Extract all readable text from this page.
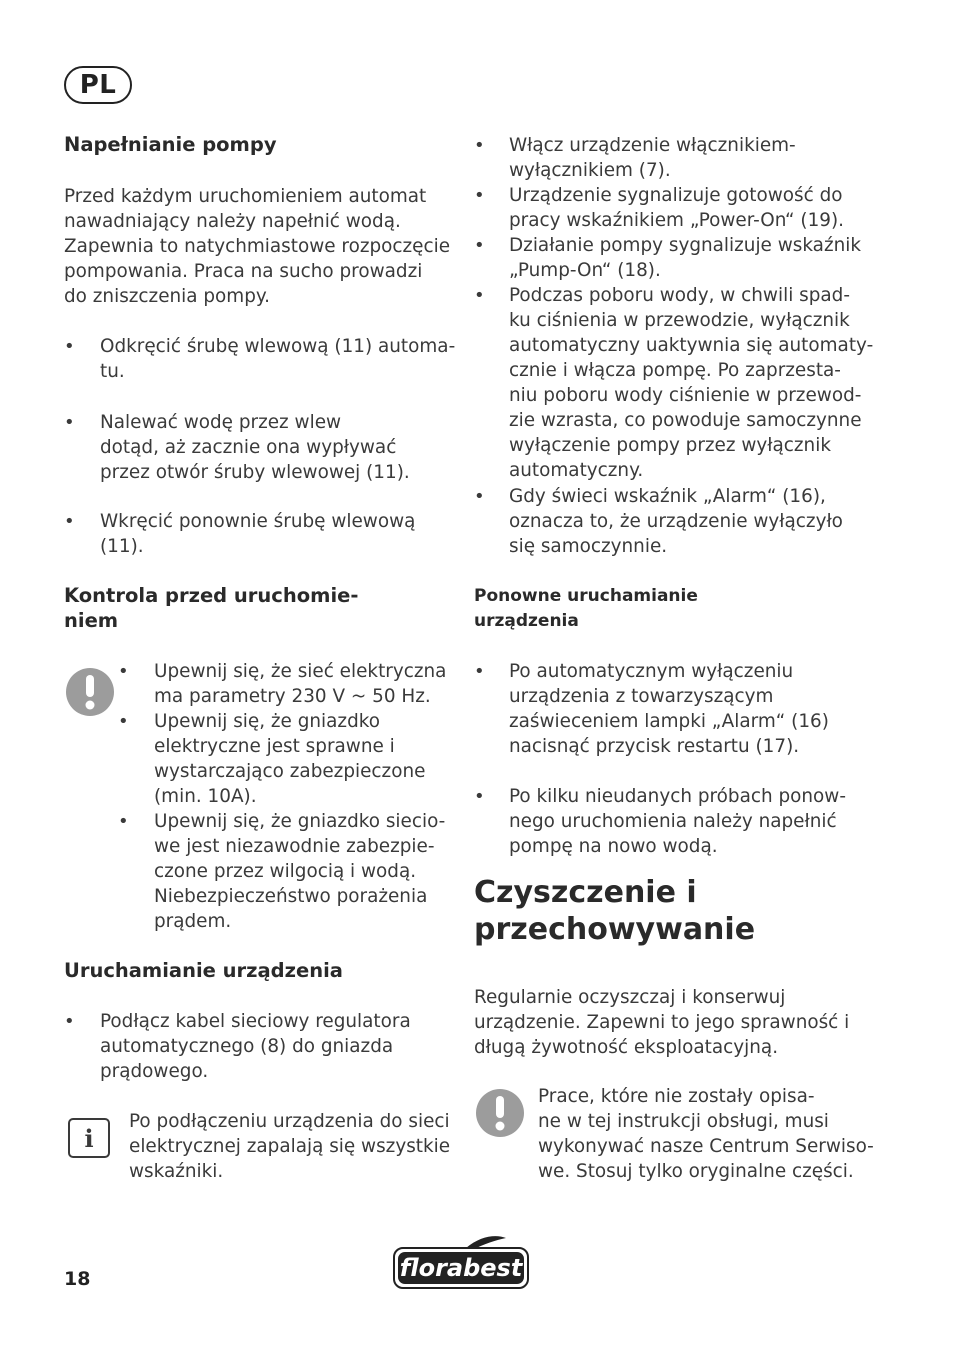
PL
Napełnianie pompy

Przed każdym uruchomieniem automat

nawadniający należy napełnić wodą.

Zapewnia to natychmiastowe rozpoczęcie

pompowania. Praca na sucho prowadzi

do zniszczenia pompy.

• Odkręcić śrubę wlewową (11) automa-

tu.

• Nalewać wodę przez wlew

dotąd, aż zacznie ona wypływać

przez otwór śruby wlewowej (11).

• Wkręcić ponownie śrubę wlewową

(11).

Kontrola przed uruchomie-
niem
• Upewnij się, że sieć elektryczna

ma parametry 230 V ~ 50 Hz.

• Upewnij się, że gniazdko

elektryczne jest sprawne i

wystarczająco zabezpieczone

(min. 10A).

• Upewnij się, że gniazdko siecio-

we jest niezawodnie zabezpie-

czone przez wilgocią i wodą.

Niebezpieczeństwo porażenia

prądem.

Uruchamianie urządzenia
• Podłącz kabel sieciowy regulatora

automatycznego (8) do gniazda

prądowego.

i

Po podłączeniu urządzenia do sieci

elektrycznej zapalają się wszystkie

wskaźniki.

• Włącz urządzenie włącznikiem-

wyłącznikiem (7).

• Urządzenie sygnalizuje gotowość do

pracy wskaźnikiem „Power-On“ (19).

• Działanie pompy sygnalizuje wskaźnik

„Pump-On“ (18).

• Podczas poboru wody, w chwili spad-

ku ciśnienia w przewodzie, wyłącznik

automatyczny uaktywnia się automaty-

cznie i włącza pompę. Po zaprzesta-

niu poboru wody ciśnienie w przewod-

zie wzrasta, co powoduje samoczynne

wyłączenie pompy przez wyłącznik

automatyczny.

• Gdy świeci wskaźnik „Alarm“ (16),

oznacza to, że urządzenie wyłączyło

się samoczynnie.

Ponowne uruchamianie
urządzenia
• Po automatycznym wyłączeniu

urządzenia z towarzyszącym

zaświeceniem lampki „Alarm“ (16)

nacisnąć przycisk restartu (17).

• Po kilku nieudanych próbach ponow-

nego uruchomienia należy napełnić

pompę na nowo wodą.

Czyszczenie i
przechowywanie

Regularnie oczyszczaj i konserwuj

urządzenie. Zapewni to jego sprawność i

długą żywotność eksploatacyjną.

Prace, które nie zostały opisa-

ne w tej instrukcji obsługi, musi

wykonywać nasze Centrum Serwiso-

we. Stosuj tylko oryginalne części.

18	florabest
